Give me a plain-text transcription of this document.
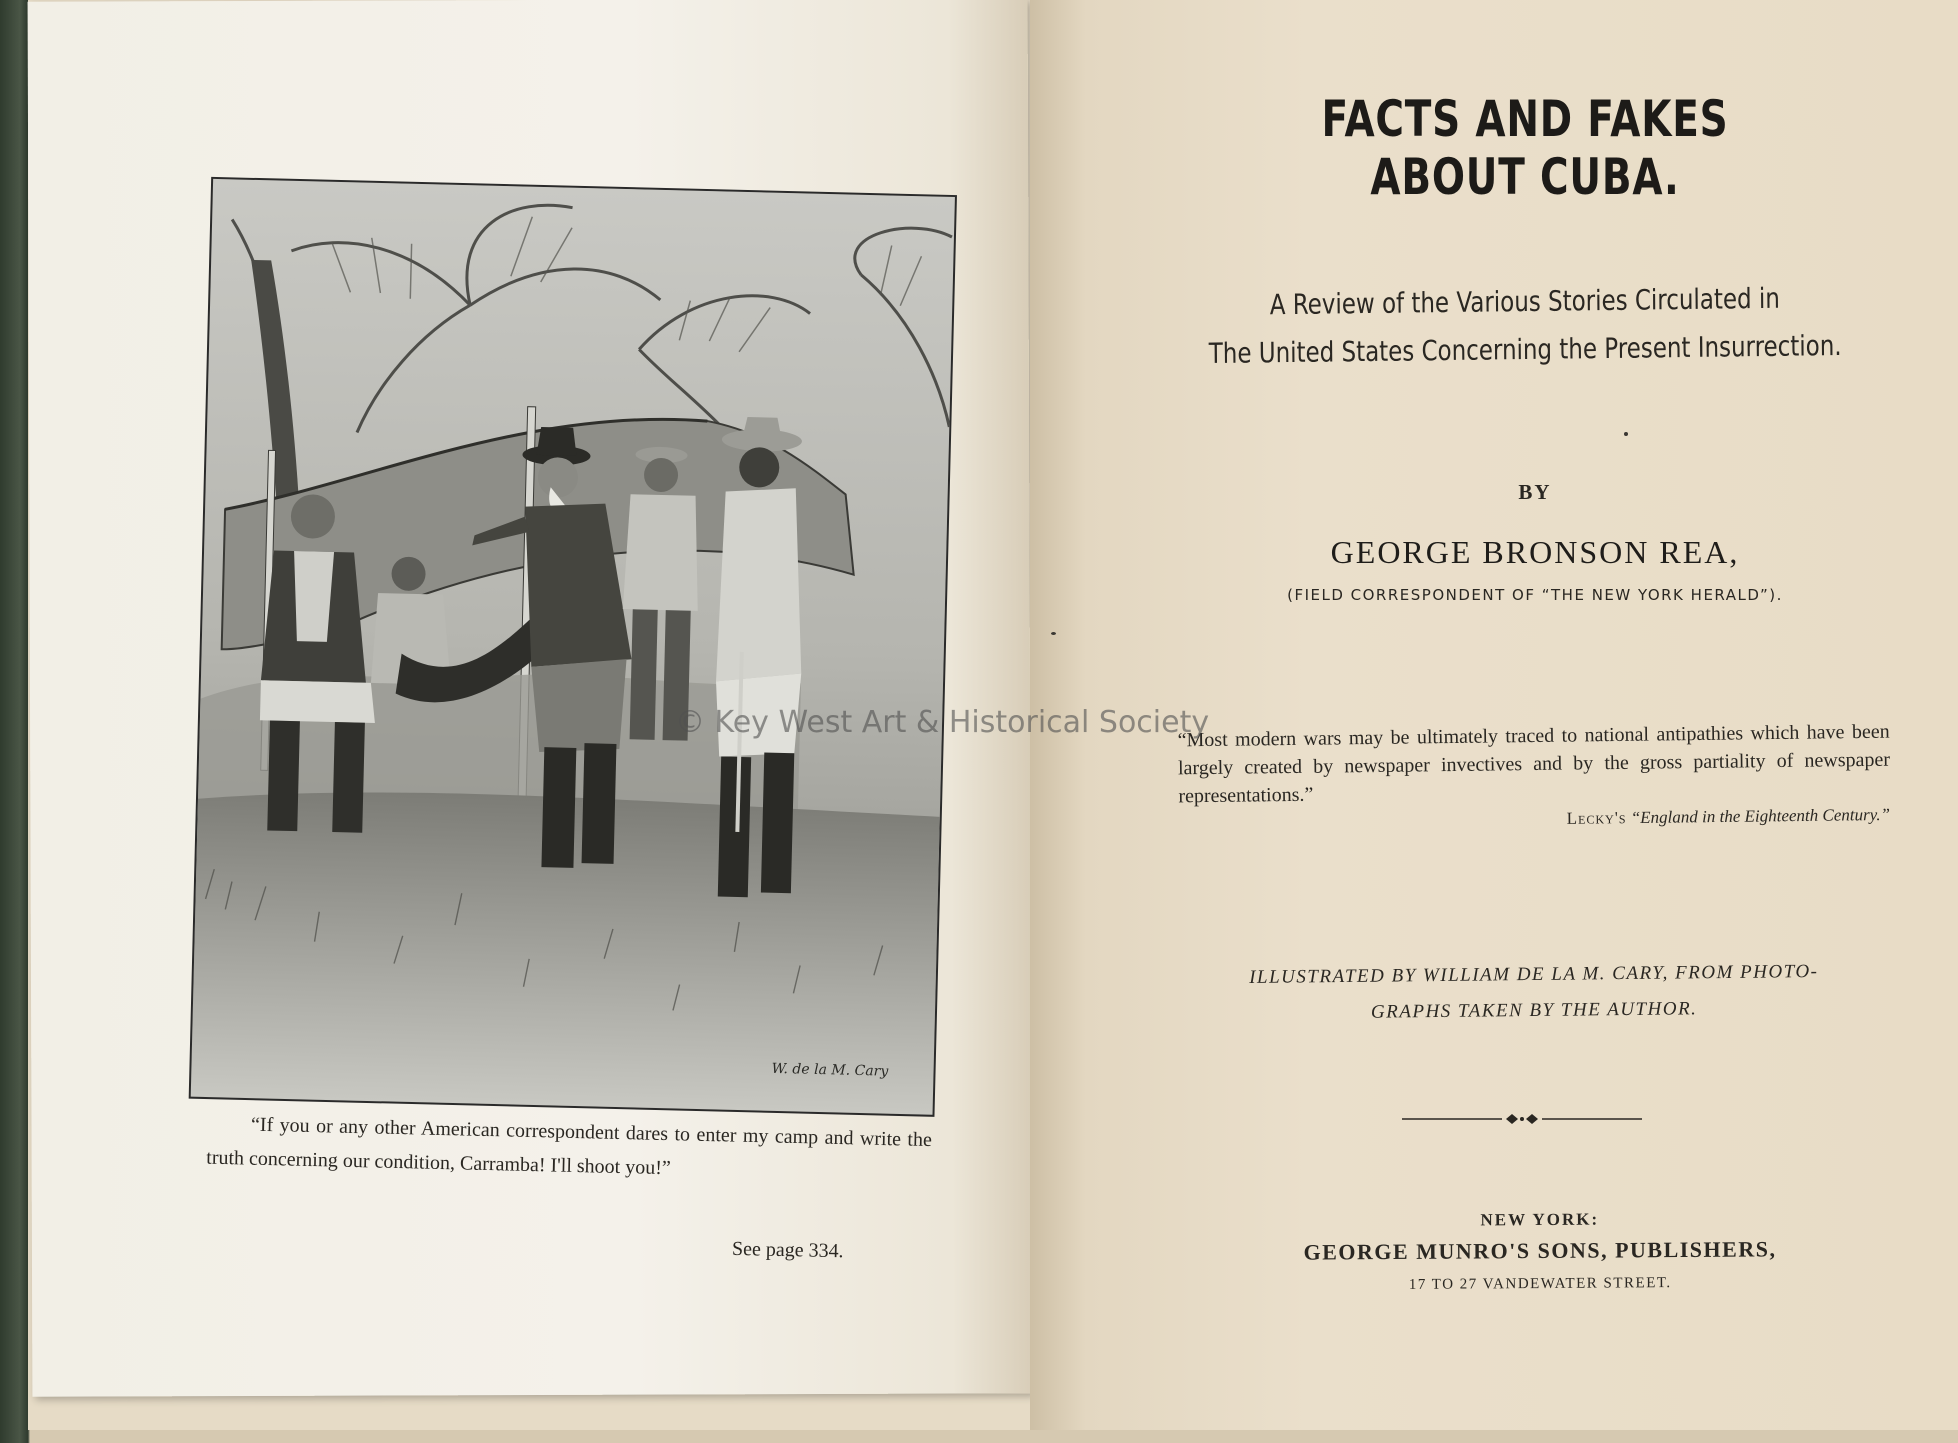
W. de la M. Cary
“If you or any other American correspondent dares to enter my camp and write the truth concerning our condition, Carramba! I'll shoot you!”
See page 334.
FACTS AND FAKES ABOUT CUBA.
A Review of the Various Stories Circulated in
The United States Concerning the Present Insurrection.
BY
GEORGE BRONSON REA,
(FIELD CORRESPONDENT OF “THE NEW YORK HERALD”).
“Most modern wars may be ultimately traced to national antipathies which have been largely created by newspaper invectives and by the gross partiality of newspaper representations.”
Lecky's “England in the Eighteenth Century.”
ILLUSTRATED BY WILLIAM DE LA M. CARY, FROM PHOTO-
GRAPHS TAKEN BY THE AUTHOR.
NEW YORK:
GEORGE MUNRO'S SONS, PUBLISHERS,
17 TO 27 VANDEWATER STREET.
© Key West Art & Historical Society
